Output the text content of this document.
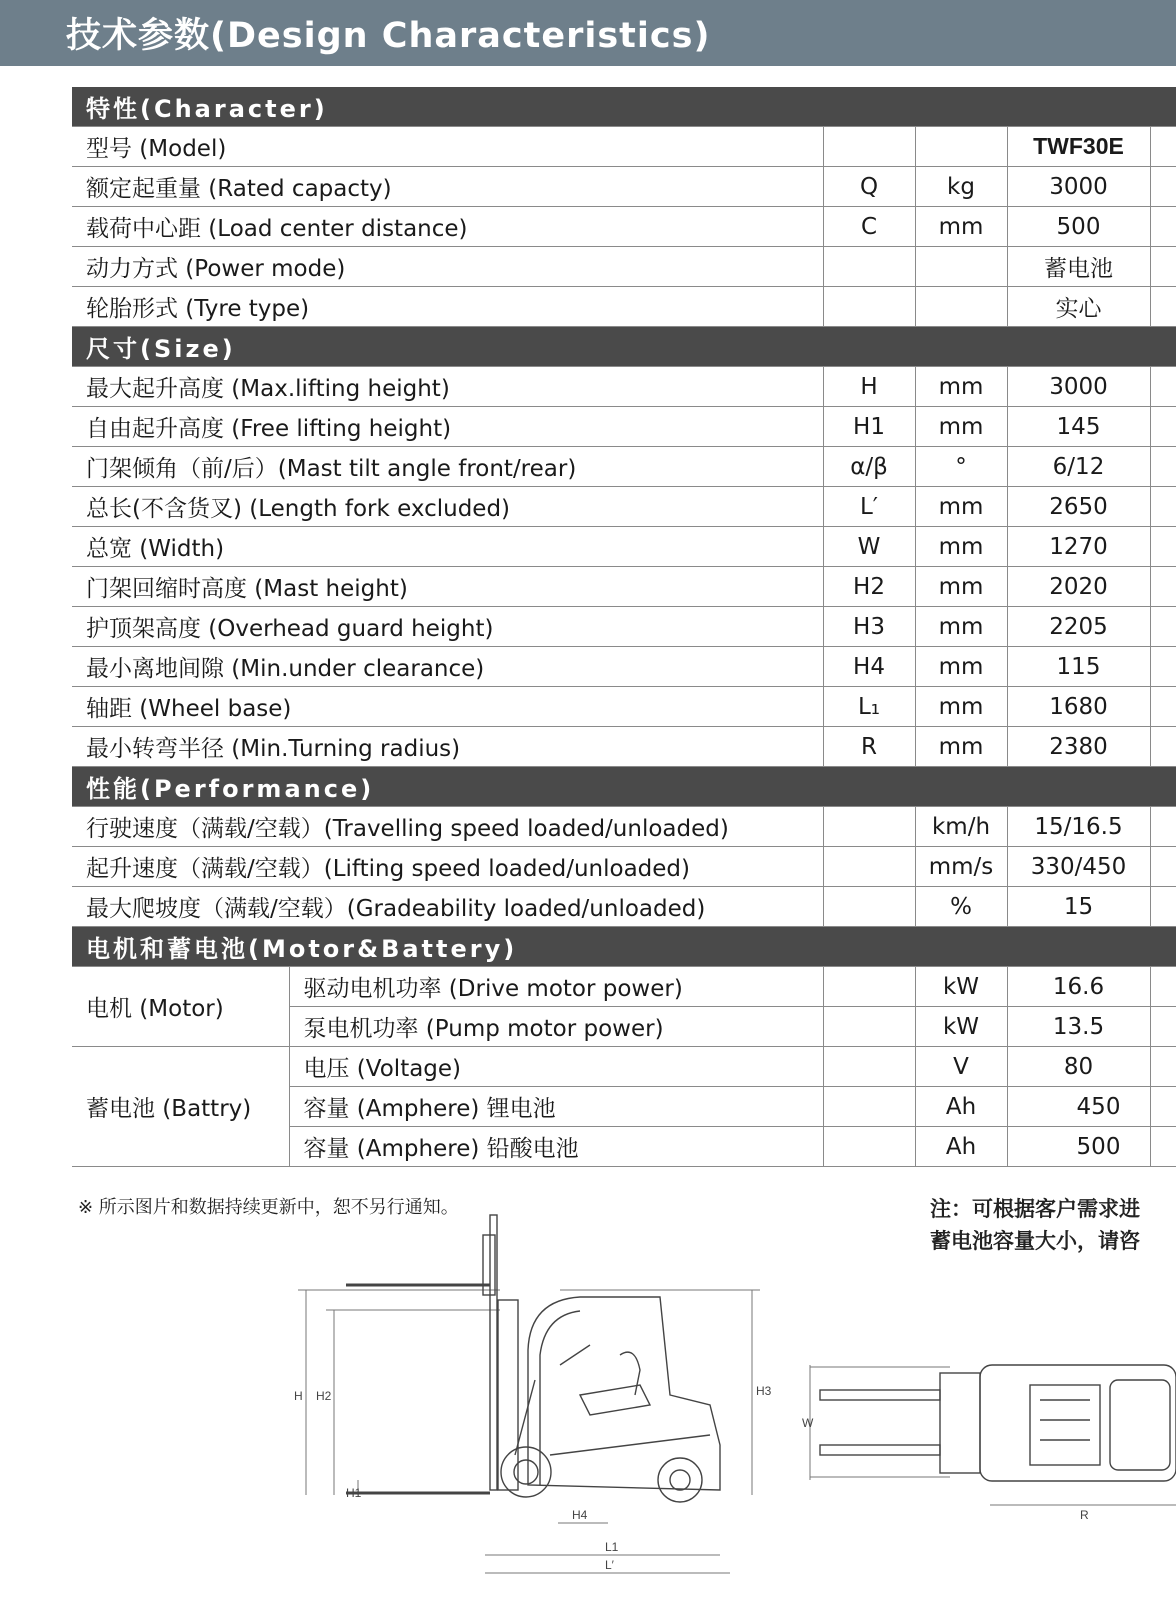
技术参数(Design Characteristics)
特性(Character)					
型号 (Model)				TWF30E	
额定起重量 (Rated capacty)		Q	kg	3000	
载荷中心距 (Load center distance)		C	mm	500	
动力方式 (Power mode)				蓄电池	
轮胎形式 (Tyre type)				实心	
尺寸(Size)					
最大起升高度 (Max.lifting height)		H	mm	3000	
自由起升高度 (Free lifting height)		H1	mm	145	
门架倾角（前/后）(Mast tilt angle front/rear)		α/β	°	6/12	
总长(不含货叉) (Length fork excluded)		L′	mm	2650	
总宽 (Width)		W	mm	1270	
门架回缩时高度 (Mast height)		H2	mm	2020	
护顶架高度 (Overhead guard height)		H3	mm	2205	
最小离地间隙 (Min.under clearance)		H4	mm	115	
轴距 (Wheel base)		L₁	mm	1680	
最小转弯半径 (Min.Turning radius)		R	mm	2380	
性能(Performance)					
行驶速度（满载/空载）(Travelling speed loaded/unloaded)			km/h	15/16.5	
起升速度（满载/空载）(Lifting speed loaded/unloaded)			mm/s	330/450	
最大爬坡度（满载/空载）(Gradeability loaded/unloaded)			%	15	
电机和蓄电池(Motor&Battery)					
电机 (Motor)	驱动电机功率 (Drive motor power)		kW	16.6	
	泵电机功率 (Pump motor power)		kW	13.5	
蓄电池 (Battry)	电压 (Voltage)		V	80	
	容量 (Amphere) 锂电池		Ah	450	
	容量 (Amphere) 铅酸电池		Ah	500	
※ 所示图片和数据持续更新中，恕不另行通知。	注：可根据客户需求进
蓄电池容量大小，请咨
H H2	H3
H1
H4
L1
L′
W
R
